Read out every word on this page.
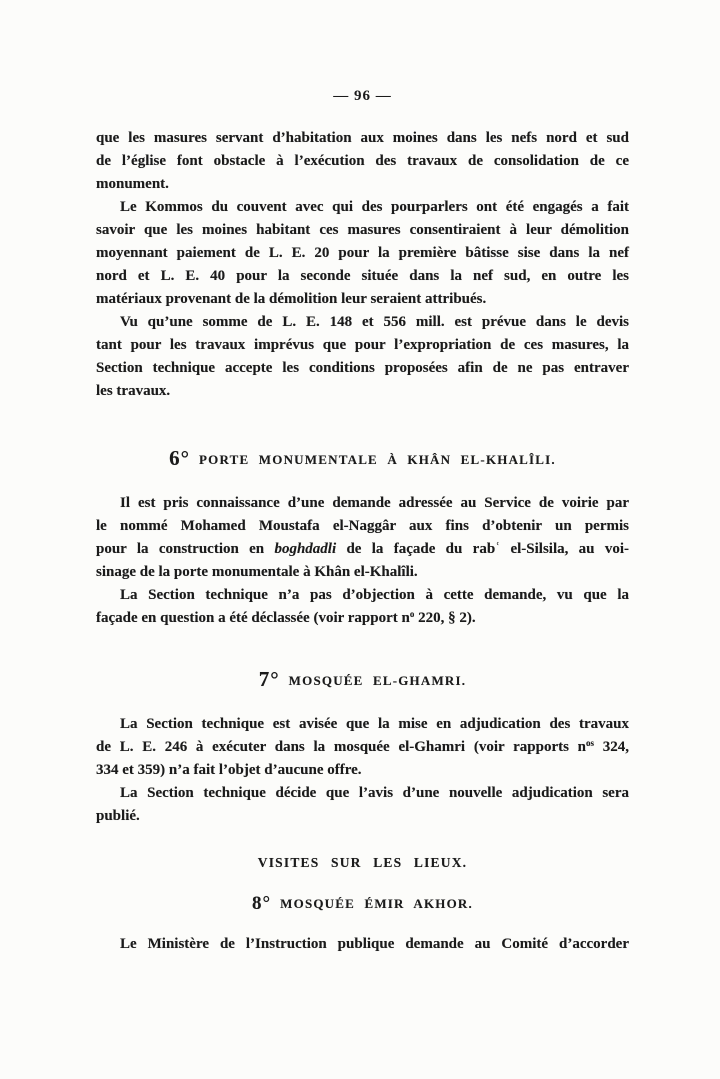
— 96 —
que les masures servant d’habitation aux moines dans les nefs nord et sud
de l’église font obstacle à l’exécution des travaux de consolidation de ce
monument.
Le Kommos du couvent avec qui des pourparlers ont été engagés a fait
savoir que les moines habitant ces masures consentiraient à leur démolition
moyennant paiement de L. E. 20 pour la première bâtisse sise dans la nef
nord et L. E. 40 pour la seconde située dans la nef sud, en outre les
matériaux provenant de la démolition leur seraient attribués.
Vu qu’une somme de L. E. 148 et 556 mill. est prévue dans le devis
tant pour les travaux imprévus que pour l’expropriation de ces masures, la
Section technique accepte les conditions proposées afin de ne pas entraver
les travaux.
6° PORTE MONUMENTALE À KHÂN EL-KHALÎLI.
Il est pris connaissance d’une demande adressée au Service de voirie par
le nommé Mohamed Moustafa el-Naggâr aux fins d’obtenir un permis
pour la construction en boghdadli de la façade du rabʿ el-Silsila, au voi-
sinage de la porte monumentale à Khân el-Khalîli.
La Section technique n’a pas d’objection à cette demande, vu que la
façade en question a été déclassée (voir rapport $n^o$ 220, § 2).
7° MOSQUÉE EL-GHAMRI.
La Section technique est avisée que la mise en adjudication des travaux
de L. E. 246 à exécuter dans la mosquée el-Ghamri (voir rapports $n^{os}$ 324,
334 et 359) n’a fait l’objet d’aucune offre.
La Section technique décide que l’avis d’une nouvelle adjudication sera
publié.
VISITES SUR LES LIEUX.
8° MOSQUÉE ÉMIR AKHOR.
Le Ministère de l’Instruction publique demande au Comité d’accorder
